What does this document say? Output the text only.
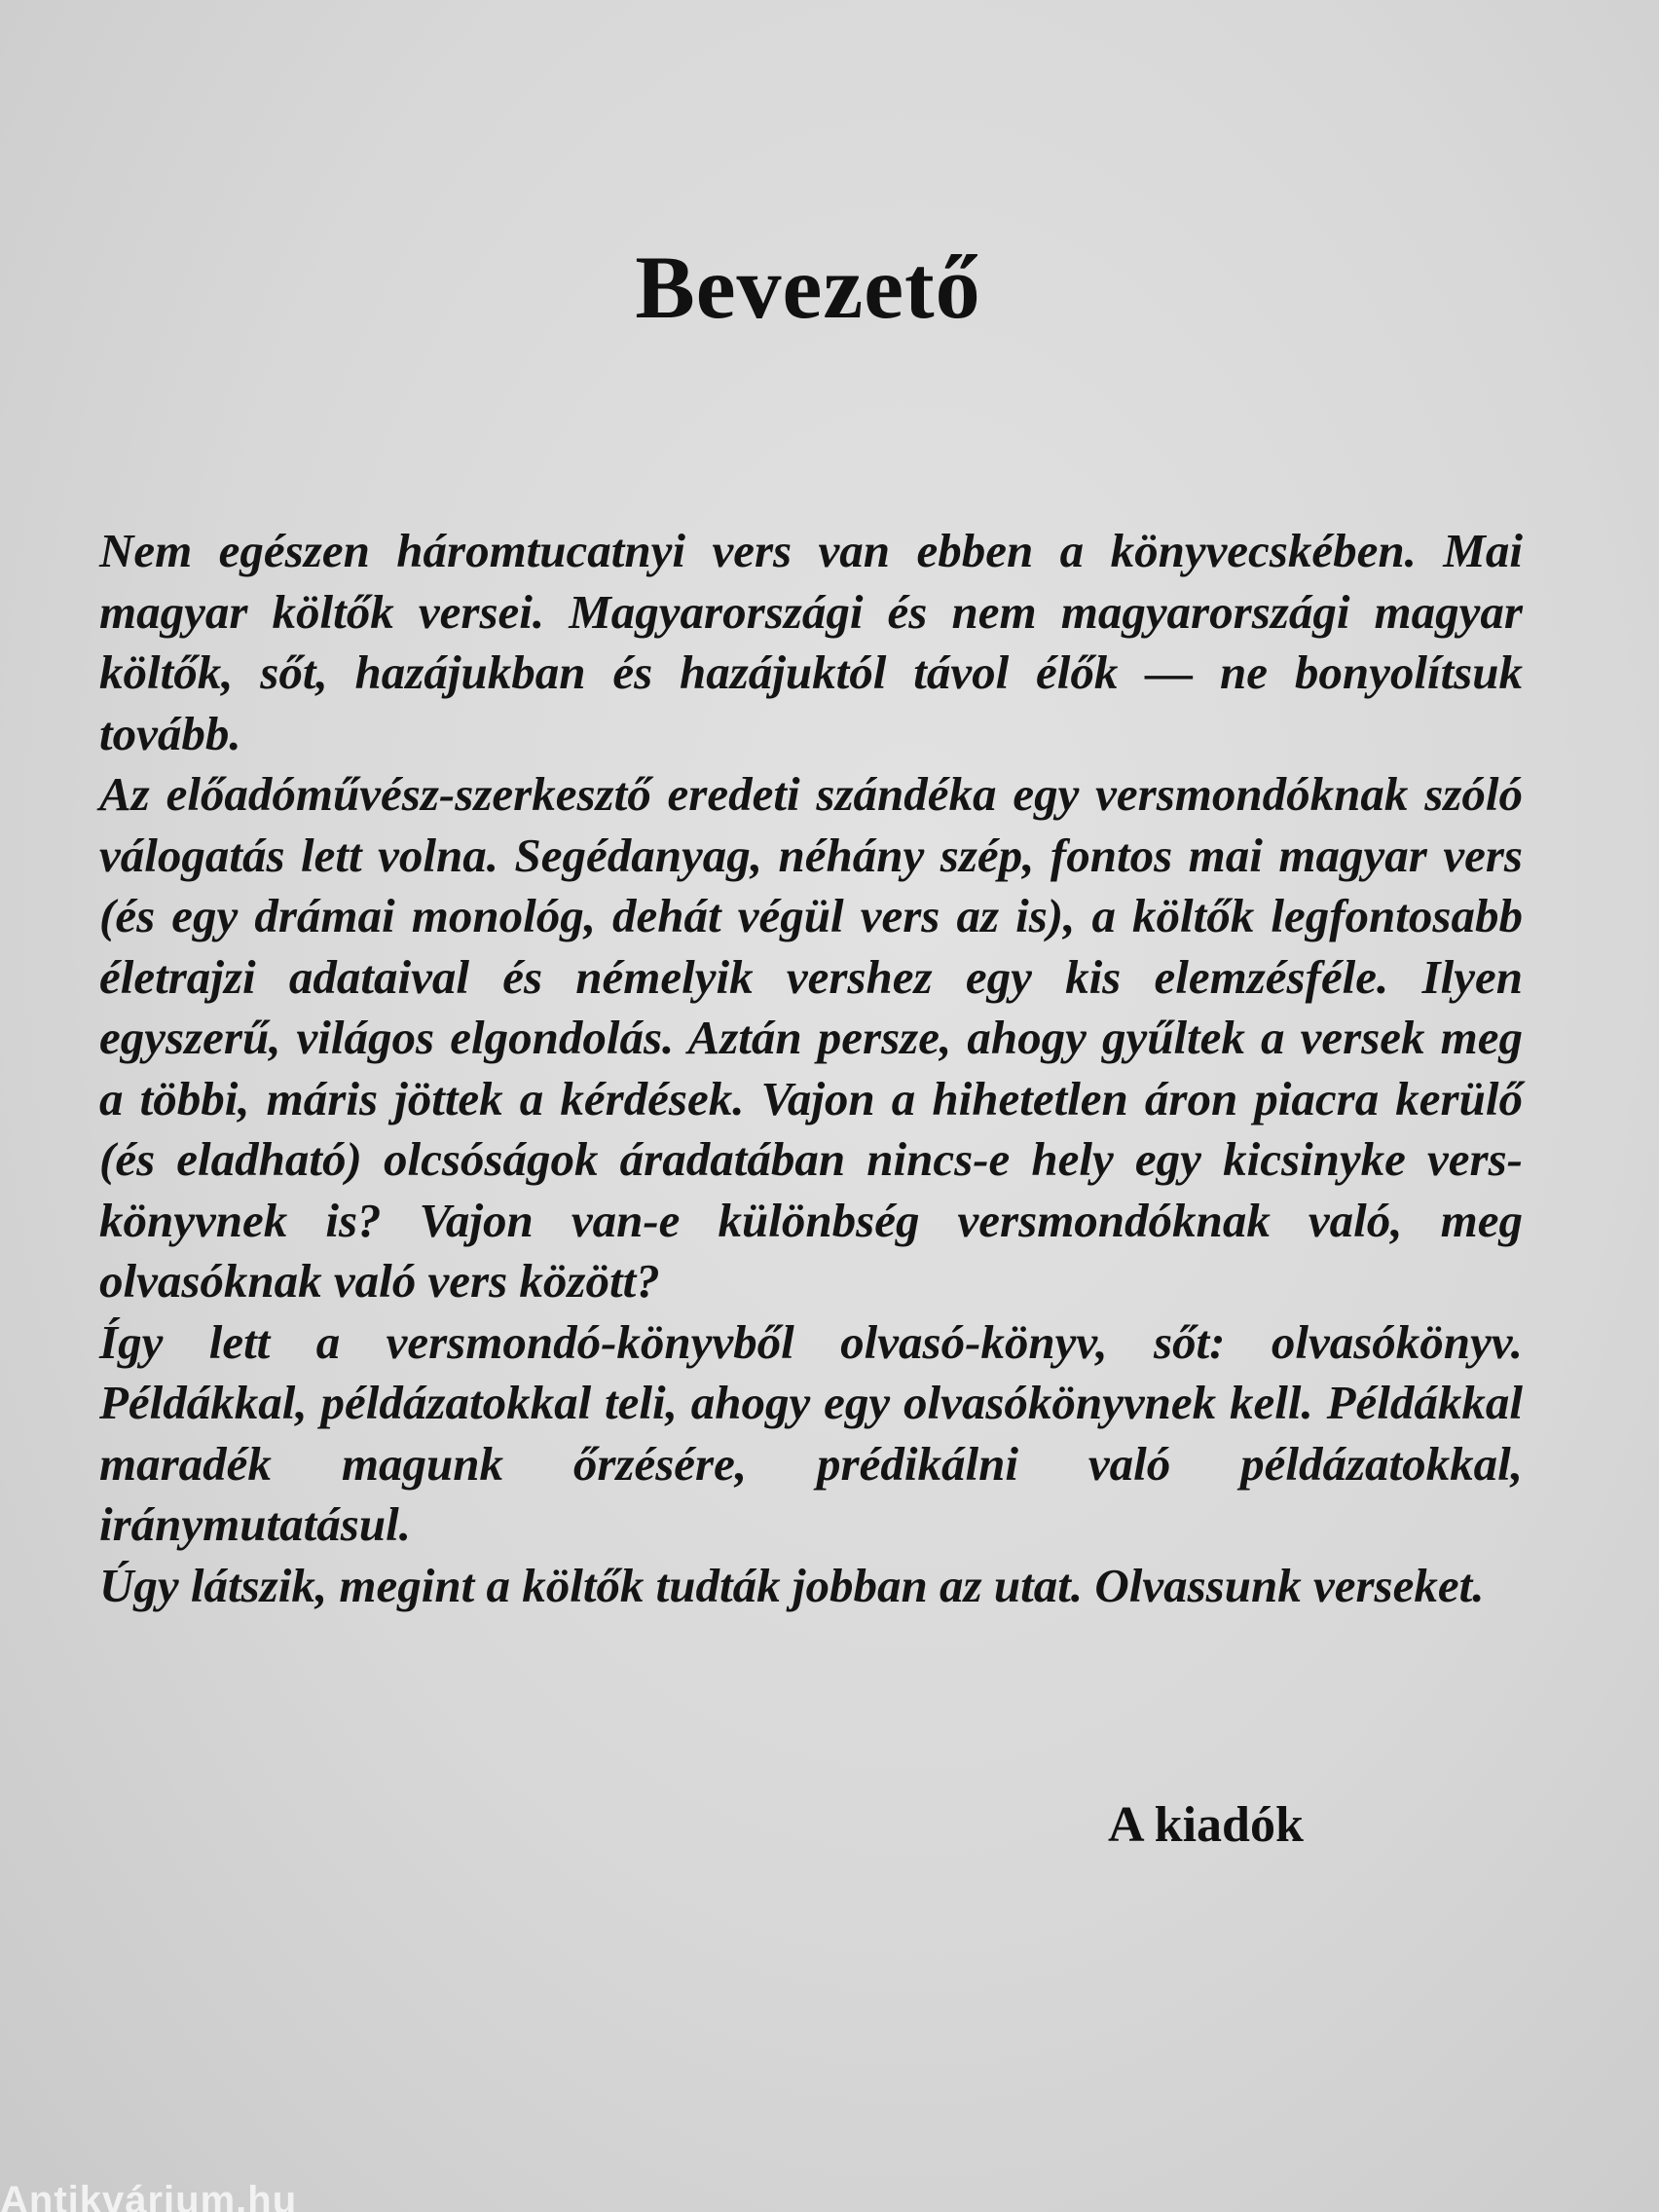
Bevezető

Nem egészen háromtucatnyi vers van ebben a könyvecskében. Mai magyar költők versei. Magyarországi és nem magyarországi magyar költők, sőt, hazájukban és hazájuktól távol élők — ne bonyolítsuk tovább.

Az előadóművész-szerkesztő eredeti szándéka egy versmondóknak szóló válogatás lett volna. Segédanyag, néhány szép, fontos mai magyar vers (és egy drámai monológ, dehát végül vers az is), a költők legfontosabb életrajzi adataival és némelyik vershez egy kis elemzésféle. Ilyen egyszerű, világos elgondolás. Aztán persze, ahogy gyűltek a versek meg a többi, máris jöttek a kérdések. Vajon a hihetetlen áron piacra kerülő (és eladható) olcsóságok áradatában nincs-e hely egy kicsinyke vers-könyvnek is? Vajon van-e különbség versmondóknak való, meg olvasóknak való vers között?

Így lett a versmondó-könyvből olvasó-könyv, sőt: olvasókönyv. Példákkal, példázatokkal teli, ahogy egy olvasókönyvnek kell. Példákkal maradék magunk őrzésére, prédikálni való példázatokkal, iránymutatásul.

Úgy látszik, megint a költők tudták jobban az utat. Olvassunk verseket.

A kiadók
Antikvárium.hu
